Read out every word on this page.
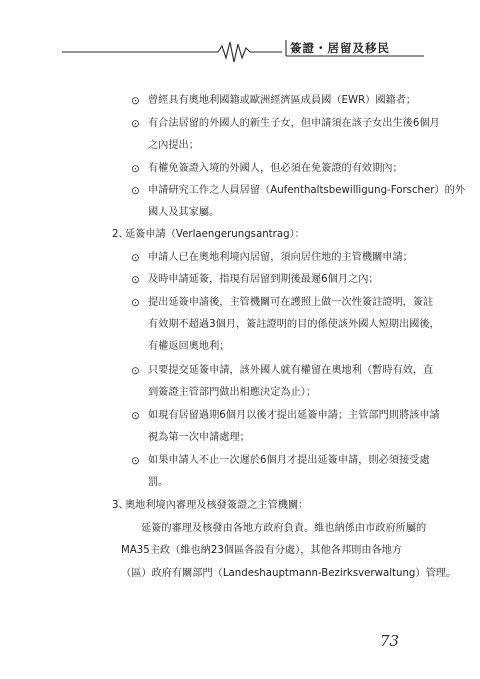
簽證・居留及移民
⊙ 曾經具有奧地利國籍或歐洲經濟區成員國（EWR）國籍者；
⊙ 有合法居留的外國人的新生子女，但申請須在該子女出生後6個月
之內提出；
⊙ 有權免簽證入境的外國人，但必須在免簽證的有效期內；
⊙ 申請研究工作之人員居留（Aufenthaltsbewilligung-Forscher）的外
國人及其家屬。
2、
延簽申請（Verlaengerungsantrag）：
⊙ 申請人已在奧地利境內居留，須向居住地的主管機關申請；
⊙ 及時申請延簽，指現有居留到期後最遲6個月之內；
⊙ 提出延簽申請後，主管機關可在護照上做一次性簽註證明，簽註
有效期不超過3個月，簽註證明的目的係使該外國人短期出國後，
有權返回奧地利；
⊙ 只要提交延簽申請，該外國人就有權留在奧地利（暫時有效，直
到簽證主管部門做出相應決定為止）；
⊙ 如現有居留過期6個月以後才提出延簽申請；主管部門則將該申請
視為第一次申請處理；
⊙ 如果申請人不止一次遲於6個月才提出延簽申請，則必須接受處
罰。
3、
奧地利境內審理及核發簽證之主管機關：
延簽的審理及核發由各地方政府負責。維也納係由市政府所屬的
MA35主政（維也納23個區各設有分處），其他各邦則由各地方
（區）政府有關部門（Landeshauptmann-Bezirksverwaltung）管理。
73
